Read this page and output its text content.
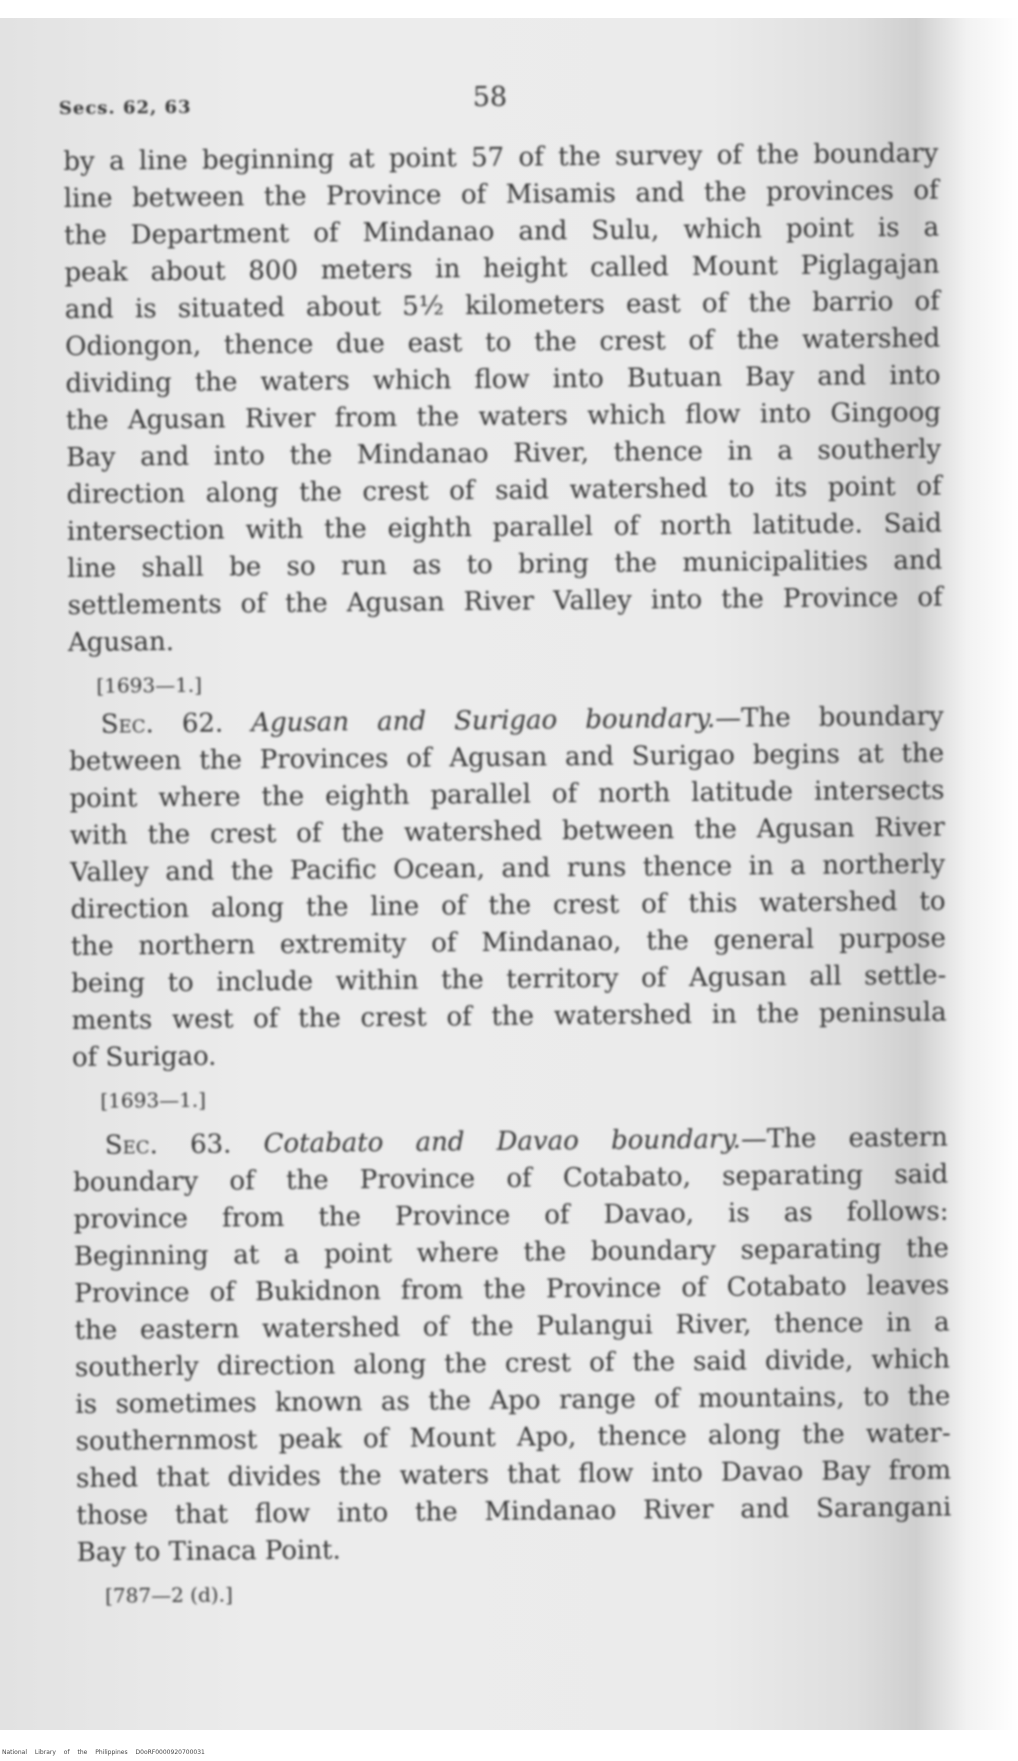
Secs. 62, 63	58
by a line beginning at point 57 of the survey of the boundary
line between the Province of Misamis and the provinces of
the Department of Mindanao and Sulu, which point is a
peak about 800 meters in height called Mount Piglagajan
and is situated about 5½ kilometers east of the barrio of
Odiongon, thence due east to the crest of the watershed
dividing the waters which flow into Butuan Bay and into
the Agusan River from the waters which flow into Gingoog
Bay and into the Mindanao River, thence in a southerly
direction along the crest of said watershed to its point of
intersection with the eighth parallel of north latitude. Said
line shall be so run as to bring the municipalities and
settlements of the Agusan River Valley into the Province of
Agusan.
[1693—1.]
Sec. 62. Agusan and Surigao boundary.—The boundary
between the Provinces of Agusan and Surigao begins at the
point where the eighth parallel of north latitude intersects
with the crest of the watershed between the Agusan River
Valley and the Pacific Ocean, and runs thence in a northerly
direction along the line of the crest of this watershed to
the northern extremity of Mindanao, the general purpose
being to include within the territory of Agusan all settle-
ments west of the crest of the watershed in the peninsula
of Surigao.
[1693—1.]
Sec. 63. Cotabato and Davao boundary.—The eastern
boundary of the Province of Cotabato, separating said
province from the Province of Davao, is as follows:
Beginning at a point where the boundary separating the
Province of Bukidnon from the Province of Cotabato leaves
the eastern watershed of the Pulangui River, thence in a
southerly direction along the crest of the said divide, which
is sometimes known as the Apo range of mountains, to the
southernmost peak of Mount Apo, thence along the water-
shed that divides the waters that flow into Davao Bay from
those that flow into the Mindanao River and Sarangani
Bay to Tinaca Point.
[787—2 (d).]
National Library of the Philippines D0oRF0000920700031
